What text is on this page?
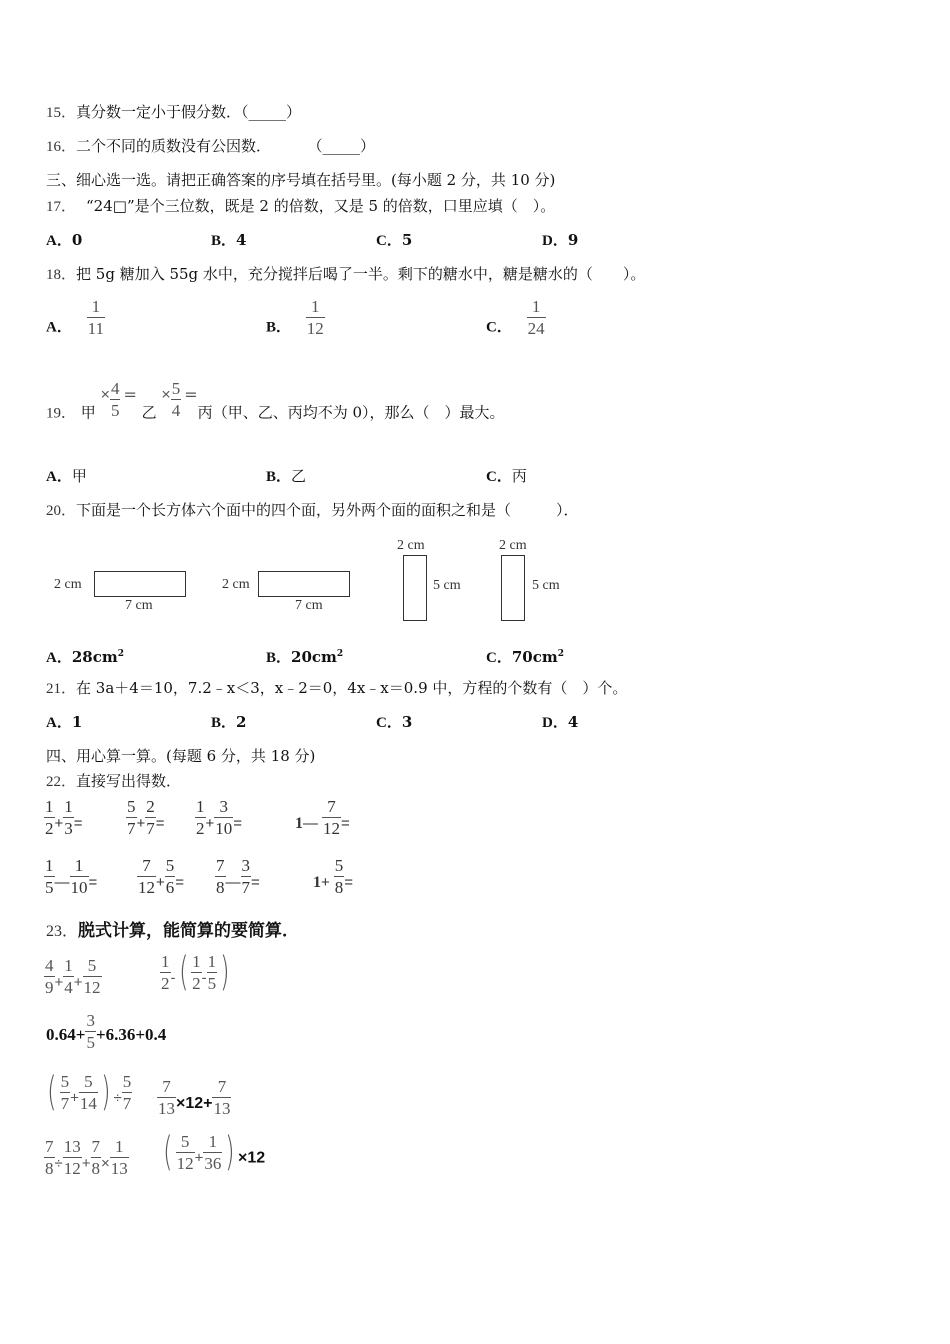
15．真分数一定小于假分数．（_____）
16．二个不同的质数没有公因数．	（_____）
三、细心选一选。请把正确答案的序号填在括号里。(每小题 2 分，共 10 分)
17． “24□”是个三位数，既是 2 的倍数，又是 5 的倍数，口里应填（　）。
A．0	B．4	C．5	D．9
18．把 5g 糖加入 55g 水中，充分搅拌后喝了一半。剩下的糖水中，糖是糖水的（　　）。
A． $\frac{1}{11}$	B． $\frac{1}{12}$	C． $\frac{1}{24}$
19． 甲 × $\frac{4}{5}$ = 乙 × $\frac{5}{4}$ =丙（甲、乙、丙均不为 0），那么（　）最大。
A．甲	B．乙	C．丙
20．下面是一个长方体六个面中的四个面，另外两个面的面积之和是（　　　）．
2 cm
7 cm
2 cm
7 cm
2 cm
5 cm
2 cm
5 cm
A．$28cm^2$	B．$20cm^2$	C．$70cm^2$
21．在 3a＋4＝10，7.2﹣x＜3，x﹣2＝0，4x﹣x＝0.9 中，方程的个数有（　）个。
A．1	B．2	C．3	D．4
四、用心算一算。(每题 6 分，共 18 分)
22．直接写出得数．
$\frac{1}{2} + \frac{1}{3}$ =	$\frac{5}{7} + \frac{2}{7} = \frac{1}{2} + \frac{3}{10}$ =	1— $\frac{7}{12}$ =
$\frac{1}{5}$ — $\frac{1}{10} = \frac{7}{12} + \frac{5}{6} = \frac{7}{8}$ — $\frac{3}{7}$ =	$1+ \frac{5}{8}$ =
23．脱式计算，能简算的要简算．
$\frac{4}{9} + \frac{1}{4} + \frac{5}{12}$	$\frac{1}{2}$ -( $\frac{1}{2} - \frac{1}{5}$ )
$0.64+ \frac{3}{5} +6.36+0.4$
( $\frac{5}{7} + \frac{5}{14}$ ) ÷ $\frac{5}{7} \frac{7}{13} \times 12+ \frac{7}{13}$
$\frac{7}{8} \div \frac{13}{12} + \frac{7}{8} \times \frac{1}{13}$ ( $\frac{5}{12} + \frac{1}{36}$ ) ×12
